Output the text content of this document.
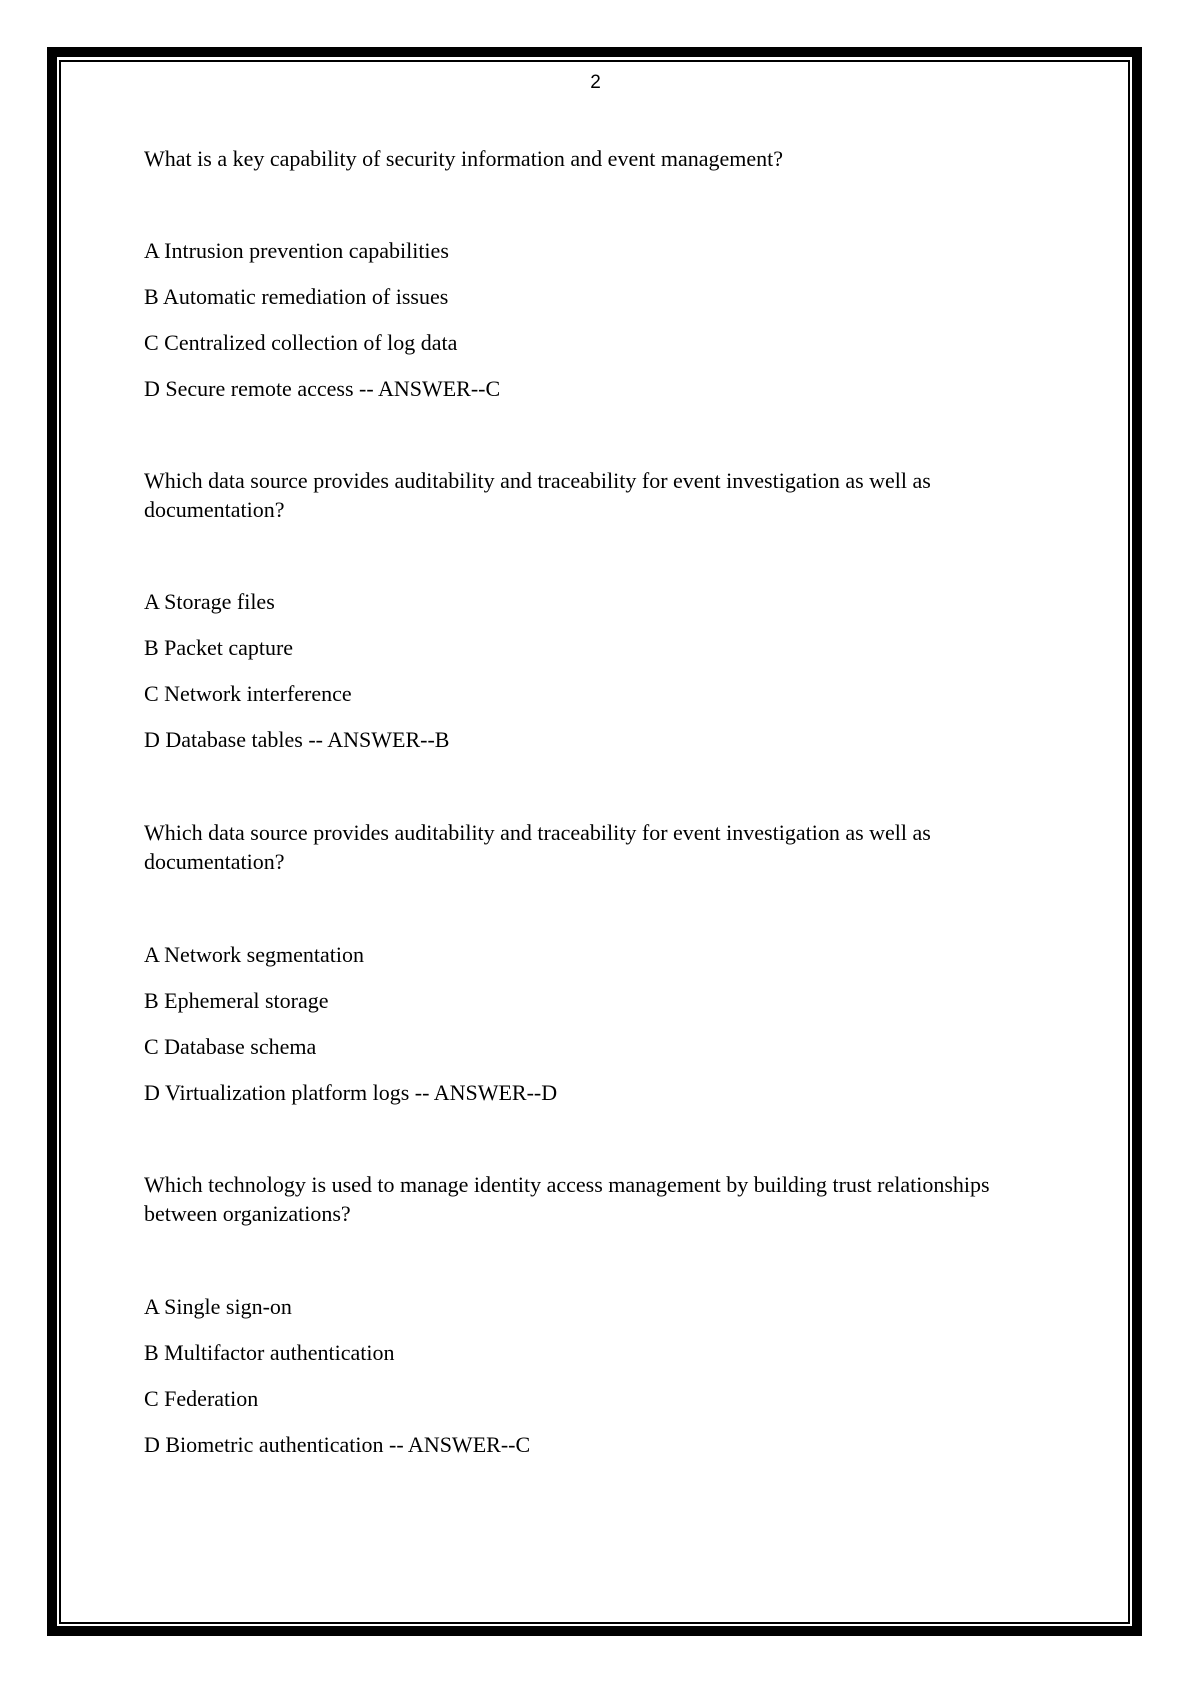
2

What is a key capability of security information and event management?

A Intrusion prevention capabilities

B Automatic remediation of issues

C Centralized collection of log data

D Secure remote access -- ANSWER--C

Which data source provides auditability and traceability for event investigation as well as documentation?

A Storage files

B Packet capture

C Network interference

D Database tables -- ANSWER--B

Which data source provides auditability and traceability for event investigation as well as documentation?

A Network segmentation

B Ephemeral storage

C Database schema

D Virtualization platform logs -- ANSWER--D

Which technology is used to manage identity access management by building trust relationships between organizations?

A Single sign-on

B Multifactor authentication

C Federation

D Biometric authentication -- ANSWER--C
